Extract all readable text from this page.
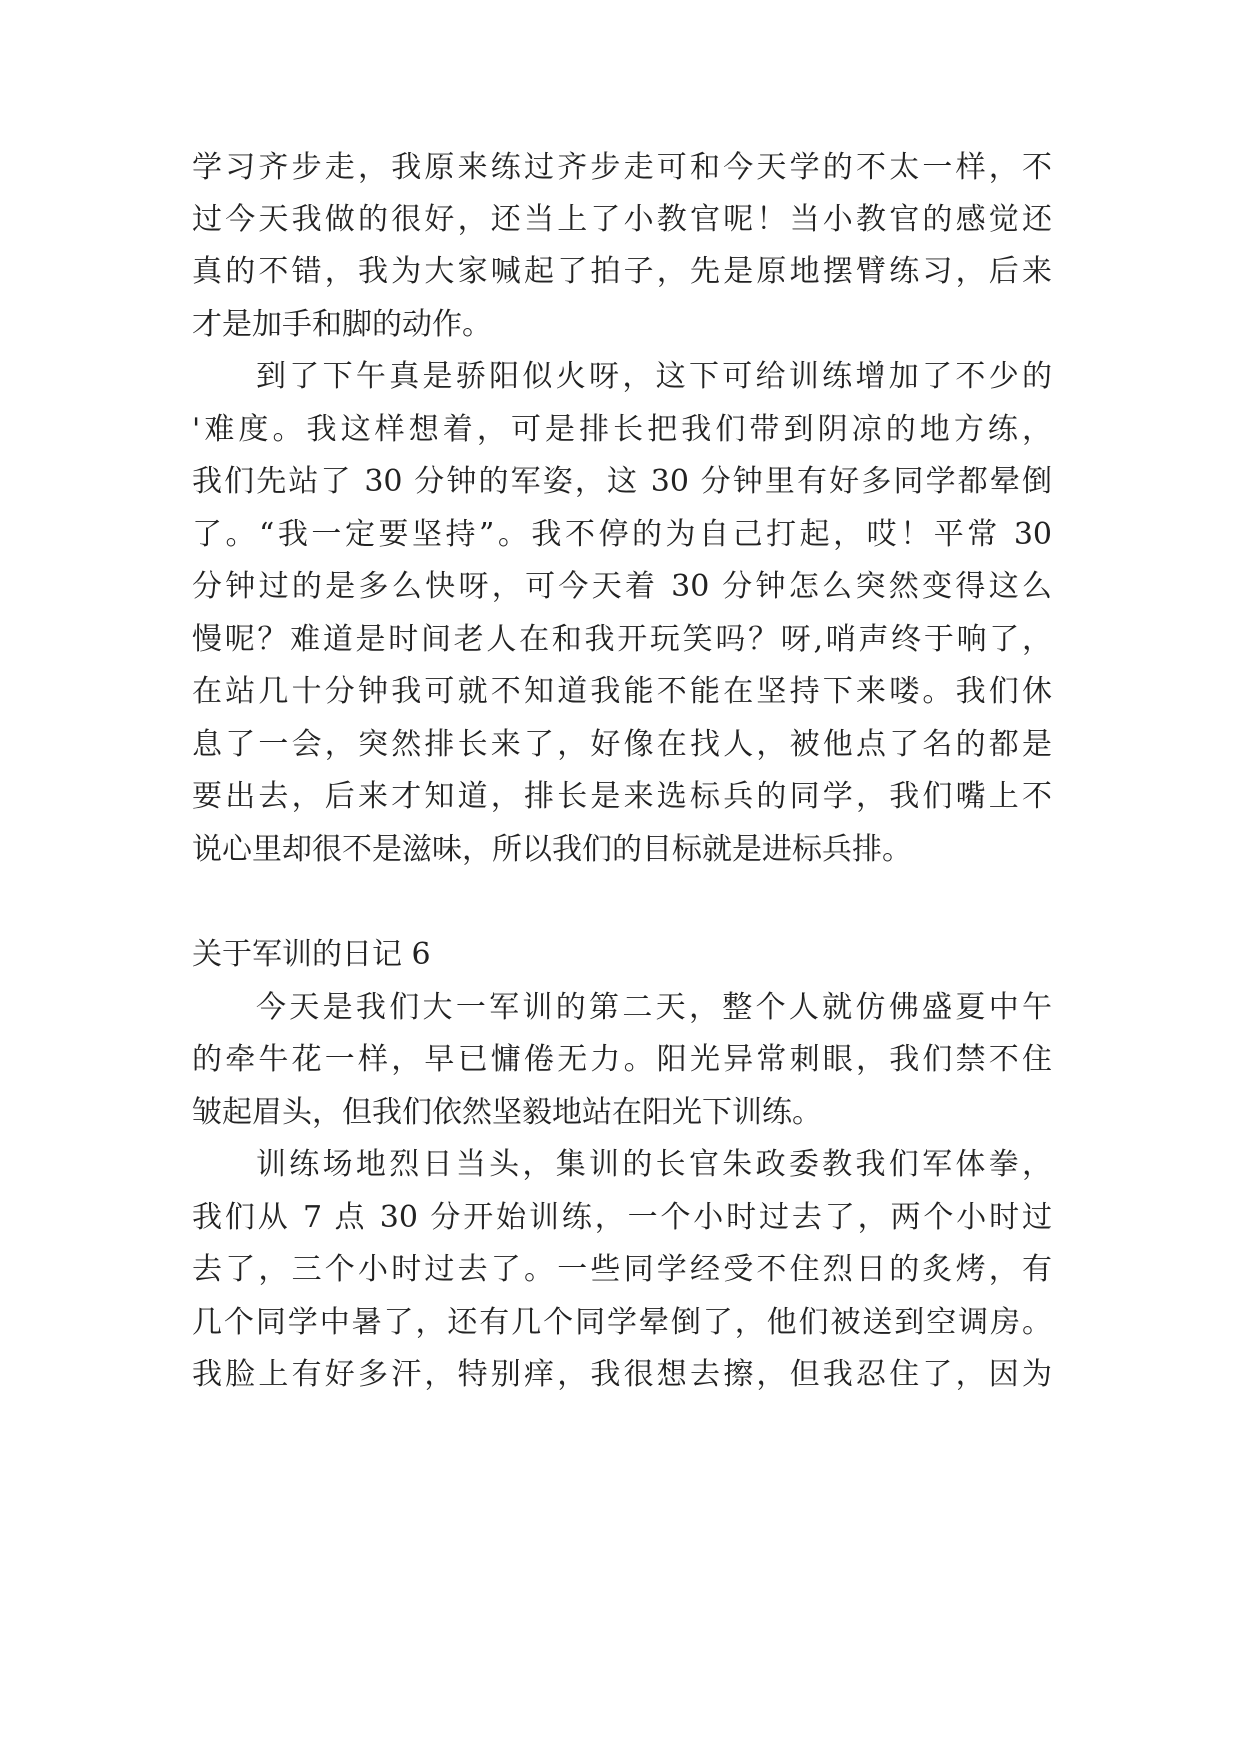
学习齐步走，我原来练过齐步走可和今天学的不太一样，不
过今天我做的很好，还当上了小教官呢！当小教官的感觉还
真的不错，我为大家喊起了拍子，先是原地摆臂练习，后来
才是加手和脚的动作。
到了下午真是骄阳似火呀，这下可给训练增加了不少的
'难度。我这样想着，可是排长把我们带到阴凉的地方练，
我们先站了 30 分钟的军姿，这 30 分钟里有好多同学都晕倒
了。“我一定要坚持”。我不停的为自己打起，哎！平常 30
分钟过的是多么快呀，可今天着 30 分钟怎么突然变得这么
慢呢？难道是时间老人在和我开玩笑吗？呀,哨声终于响了，
在站几十分钟我可就不知道我能不能在坚持下来喽。我们休
息了一会，突然排长来了，好像在找人，被他点了名的都是
要出去，后来才知道，排长是来选标兵的同学，我们嘴上不
说心里却很不是滋味，所以我们的目标就是进标兵排。
关于军训的日记 6
今天是我们大一军训的第二天，整个人就仿佛盛夏中午
的牵牛花一样，早已慵倦无力。阳光异常刺眼，我们禁不住
皱起眉头，但我们依然坚毅地站在阳光下训练。
训练场地烈日当头，集训的长官朱政委教我们军体拳，
我们从 7 点 30 分开始训练，一个小时过去了，两个小时过
去了，三个小时过去了。一些同学经受不住烈日的炙烤，有
几个同学中暑了，还有几个同学晕倒了，他们被送到空调房。
我脸上有好多汗，特别痒，我很想去擦，但我忍住了，因为
